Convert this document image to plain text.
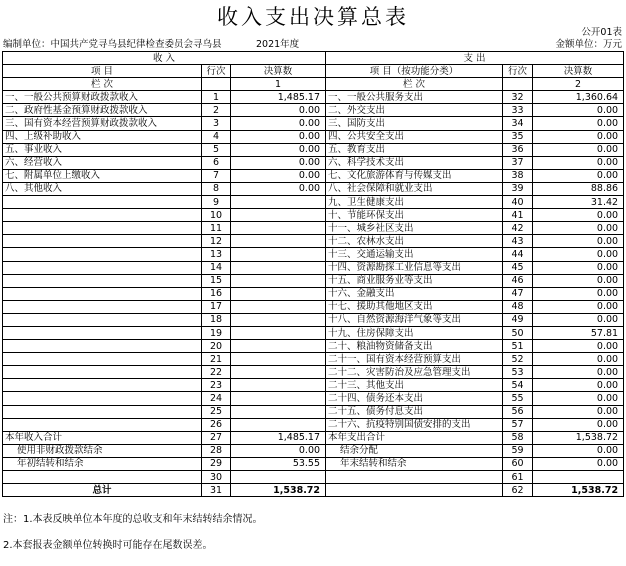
收入支出决算总表
公开01表
编制单位：中国共产党寻乌县纪律检查委员会寻乌县	2021年度	金额单位：万元
收 入			支 出		
项 目	行次	决算数	项 目（按功能分类）	行次	决算数
栏 次		1	栏 次		2
一、一般公共预算财政拨款收入	1	1,485.17	一、一般公共服务支出	32	1,360.64
二、政府性基金预算财政拨款收入	2	0.00	二、外交支出	33	0.00
三、国有资本经营预算财政拨款收入	3	0.00	三、国防支出	34	0.00
四、上级补助收入	4	0.00	四、公共安全支出	35	0.00
五、事业收入	5	0.00	五、教育支出	36	0.00
六、经营收入	6	0.00	六、科学技术支出	37	0.00
七、附属单位上缴收入	7	0.00	七、文化旅游体育与传媒支出	38	0.00
八、其他收入	8	0.00	八、社会保障和就业支出	39	88.86
	9		九、卫生健康支出	40	31.42
	10		十、节能环保支出	41	0.00
	11		十一、城乡社区支出	42	0.00
	12		十二、农林水支出	43	0.00
	13		十三、交通运输支出	44	0.00
	14		十四、资源勘探工业信息等支出	45	0.00
	15		十五、商业服务业等支出	46	0.00
	16		十六、金融支出	47	0.00
	17		十七、援助其他地区支出	48	0.00
	18		十八、自然资源海洋气象等支出	49	0.00
	19		十九、住房保障支出	50	57.81
	20		二十、粮油物资储备支出	51	0.00
	21		二十一、国有资本经营预算支出	52	0.00
	22		二十二、灾害防治及应急管理支出	53	0.00
	23		二十三、其他支出	54	0.00
	24		二十四、债务还本支出	55	0.00
	25		二十五、债务付息支出	56	0.00
	26		二十六、抗疫特别国债安排的支出	57	0.00
本年收入合计	27	1,485.17	本年支出合计	58	1,538.72
使用非财政拨款结余	28	0.00	结余分配	59	0.00
年初结转和结余	29	53.55	年末结转和结余	60	0.00
	30			61	
总计	31	1,538.72		62	1,538.72
注：1.本表反映单位本年度的总收支和年末结转结余情况。
2.本套报表金额单位转换时可能存在尾数误差。
